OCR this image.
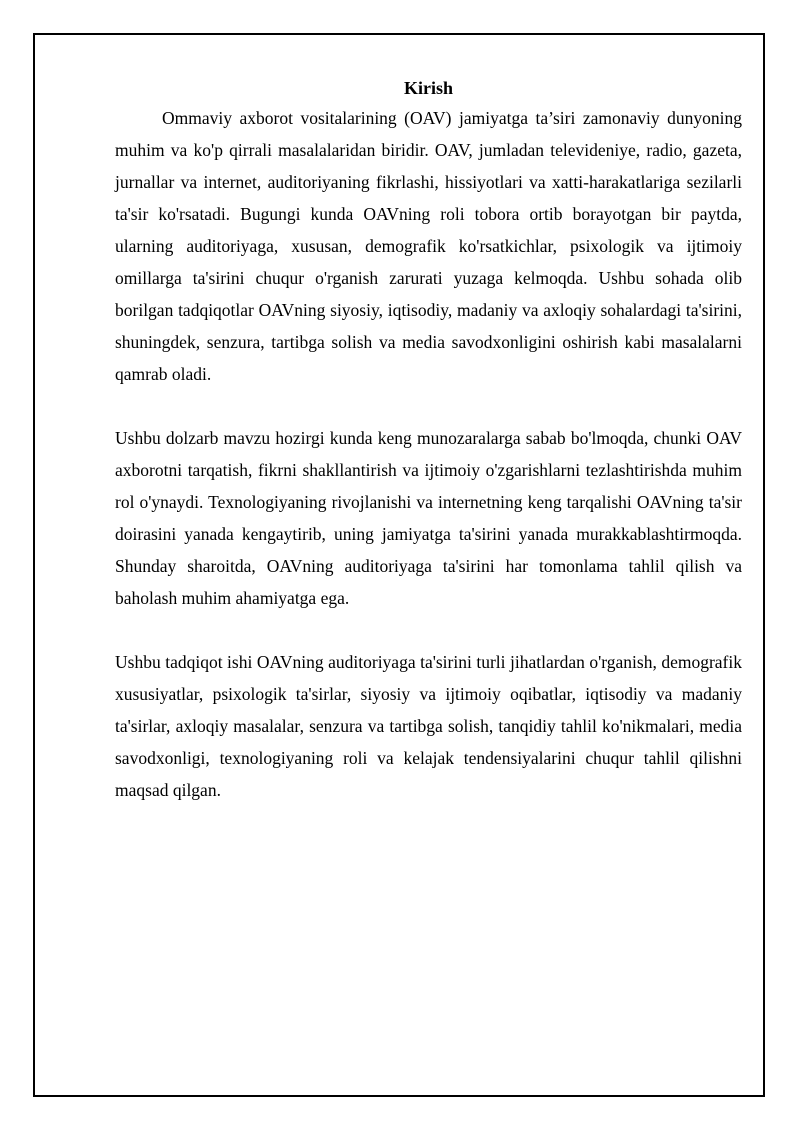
Kirish

Ommaviy axborot vositalarining (OAV) jamiyatga ta’siri zamonaviy dunyoning muhim va ko'p qirrali masalalaridan biridir. OAV, jumladan televideniye, radio, gazeta, jurnallar va internet, auditoriyaning fikrlashi, hissiyotlari va xatti-harakatlariga sezilarli ta'sir ko'rsatadi. Bugungi kunda OAVning roli tobora ortib borayotgan bir paytda, ularning auditoriyaga, xususan, demografik ko'rsatkichlar, psixologik va ijtimoiy omillarga ta'sirini chuqur o'rganish zarurati yuzaga kelmoqda. Ushbu sohada olib borilgan tadqiqotlar OAVning siyosiy, iqtisodiy, madaniy va axloqiy sohalardagi ta'sirini, shuningdek, senzura, tartibga solish va media savodxonligini oshirish kabi masalalarni qamrab oladi.

Ushbu dolzarb mavzu hozirgi kunda keng munozaralarga sabab bo'lmoqda, chunki OAV axborotni tarqatish, fikrni shakllantirish va ijtimoiy o'zgarishlarni tezlashtirishda muhim rol o'ynaydi. Texnologiyaning rivojlanishi va internetning keng tarqalishi OAVning ta'sir doirasini yanada kengaytirib, uning jamiyatga ta'sirini yanada murakkablashtirmoqda. Shunday sharoitda, OAVning auditoriyaga ta'sirini har tomonlama tahlil qilish va baholash muhim ahamiyatga ega.

Ushbu tadqiqot ishi OAVning auditoriyaga ta'sirini turli jihatlardan o'rganish, demografik xususiyatlar, psixologik ta'sirlar, siyosiy va ijtimoiy oqibatlar, iqtisodiy va madaniy ta'sirlar, axloqiy masalalar, senzura va tartibga solish, tanqidiy tahlil ko'nikmalari, media savodxonligi, texnologiyaning roli va kelajak tendensiyalarini chuqur tahlil qilishni maqsad qilgan.
